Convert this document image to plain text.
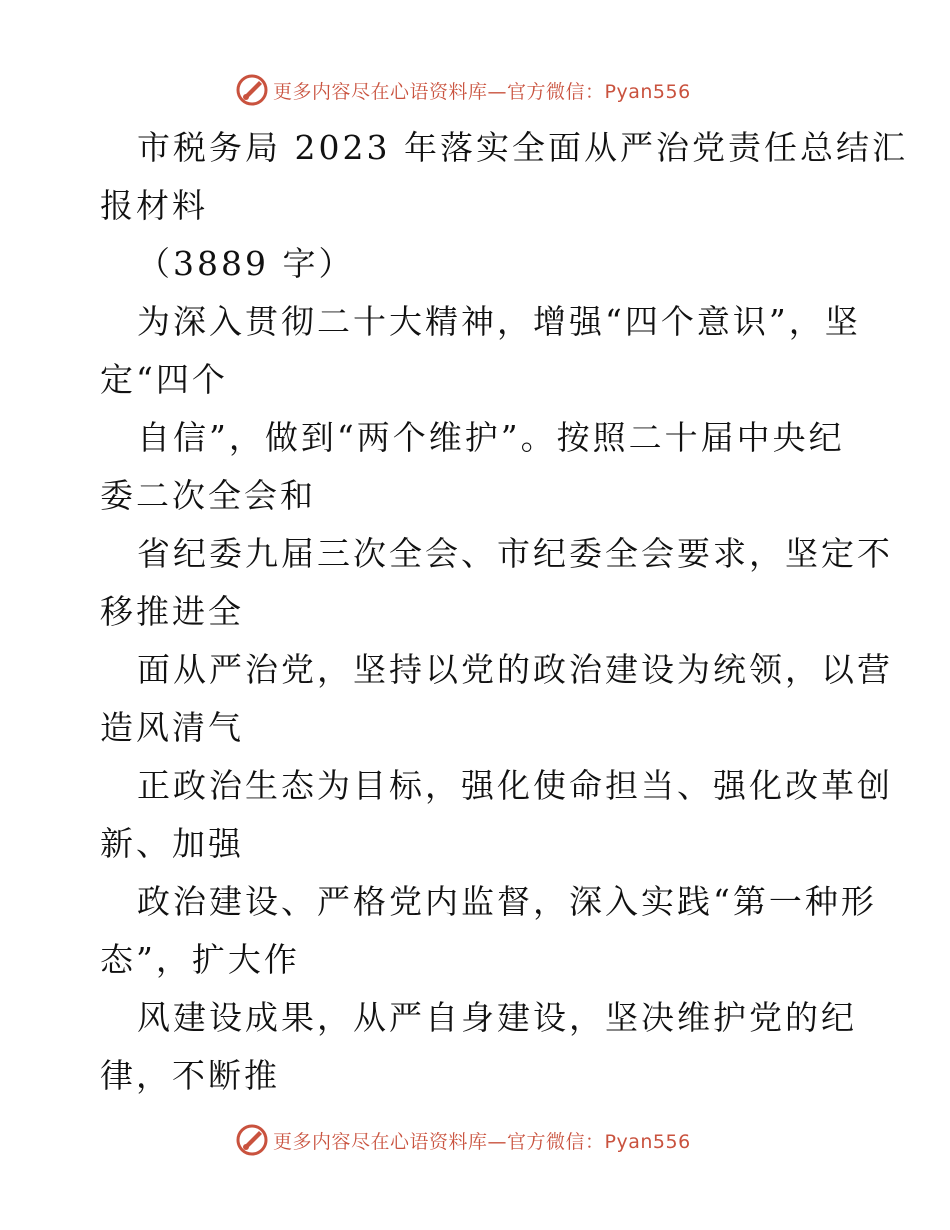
更多内容尽在心语资料库—官方微信：Pyan556
市税务局 2023 年落实全面从严治党责任总结汇
报材料
（3889 字）
为深入贯彻二十大精神，增强“四个意识”，坚
定“四个
自信”，做到“两个维护”。按照二十届中央纪
委二次全会和
省纪委九届三次全会、市纪委全会要求，坚定不
移推进全
面从严治党，坚持以党的政治建设为统领，以营
造风清气
正政治生态为目标，强化使命担当、强化改革创
新、加强
政治建设、严格党内监督，深入实践“第一种形
态”，扩大作
风建设成果，从严自身建设，坚决维护党的纪
律，不断推
更多内容尽在心语资料库—官方微信：Pyan556
